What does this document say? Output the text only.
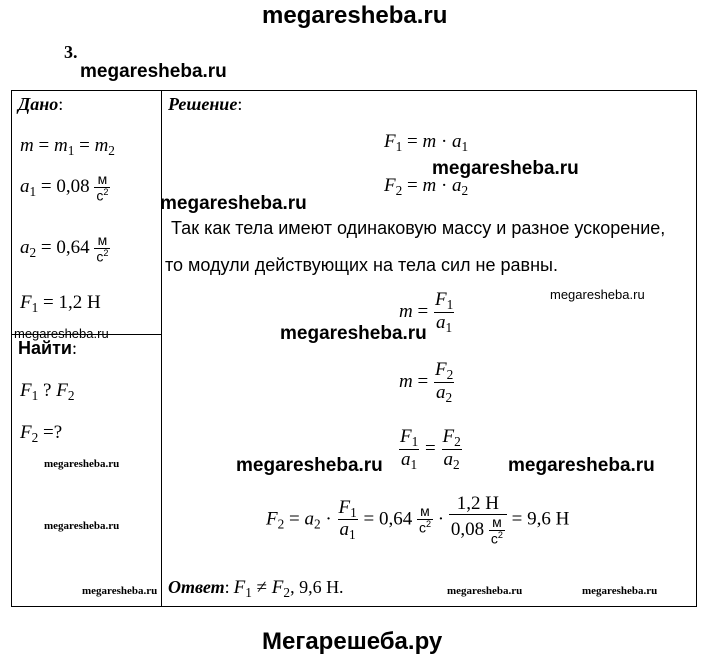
megaresheba.ru
3.
megaresheba.ru
Дано:
$m = m_1 = m_2$
$a_1 = 0,08 \frac{м}{с^2}$
$a_2 = 0,64 \frac{м}{с^2}$
$F_1 = 1,2$ Н
Найти:
megaresheba.ru
$F_1$ ? $F_2$
$F_2$ =?
megaresheba.ru
megaresheba.ru
Решение:
$F_1 = m \cdot a_1$
megaresheba.ru
$F_2 = m \cdot a_2$
megaresheba.ru
Так как тела имеют одинаковую массу и разное ускорение,
то модули действующих на тела сил не равны.
megaresheba.ru
$m = \frac{F_1}{a_1}$
megaresheba.ru
$m = \frac{F_2}{a_2}$
$\frac{F_1}{a_1} = \frac{F_2}{a_2}$
megaresheba.ru	megaresheba.ru
$F_2 = a_2 \cdot \frac{F_1}{a_1} = 0,64 \frac{м}{с^2} \cdot \frac{1,2 Н}{0,08 \frac{м}{с^2}} = 9,6$ Н
megaresheba.ru Ответ: $F_1 \ne F_2$, 9,6 Н.	megaresheba.ru	megaresheba.ru
Мегарешеба.ру
